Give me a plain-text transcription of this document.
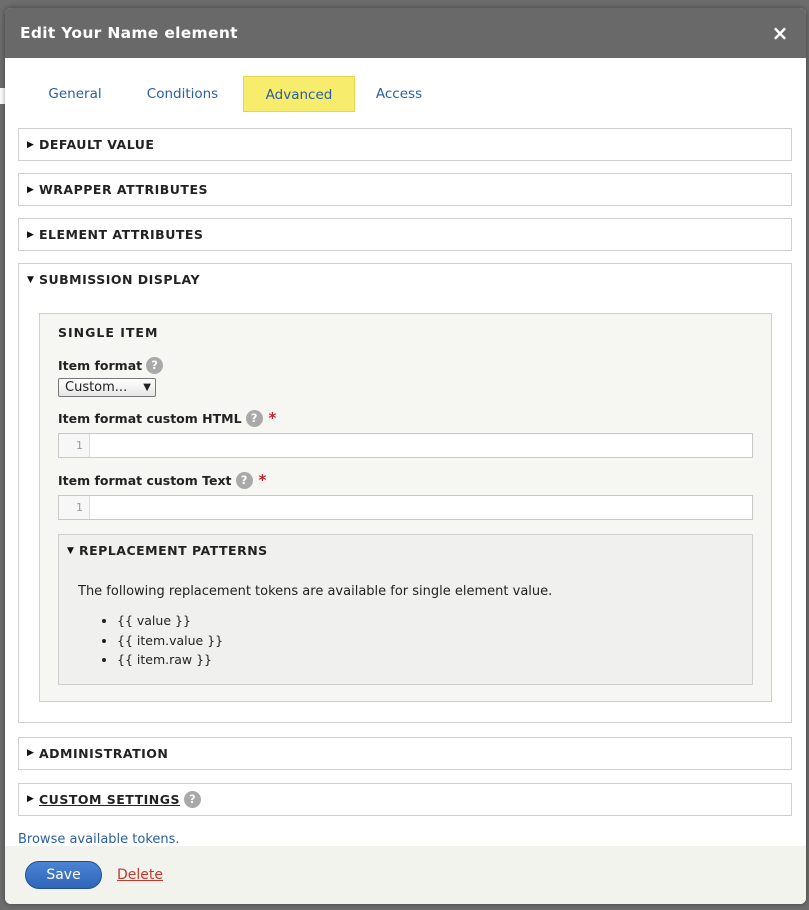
Edit Your Name element	×
General	Conditions	Advanced	Access
▶ DEFAULT VALUE
▶ WRAPPER ATTRIBUTES
▶ ELEMENT ATTRIBUTES
▼ SUBMISSION DISPLAY
SINGLE ITEM
Item format ?
Custom... ▼
Item format custom HTML ? *
1
Item format custom Text ? *
1
▼ REPLACEMENT PATTERNS
The following replacement tokens are available for single element value.
• {{ value }}
• {{ item.value }}
• {{ item.raw }}
▶ ADMINISTRATION
▶ CUSTOM SETTINGS ?
Browse available tokens.
Save	Delete
